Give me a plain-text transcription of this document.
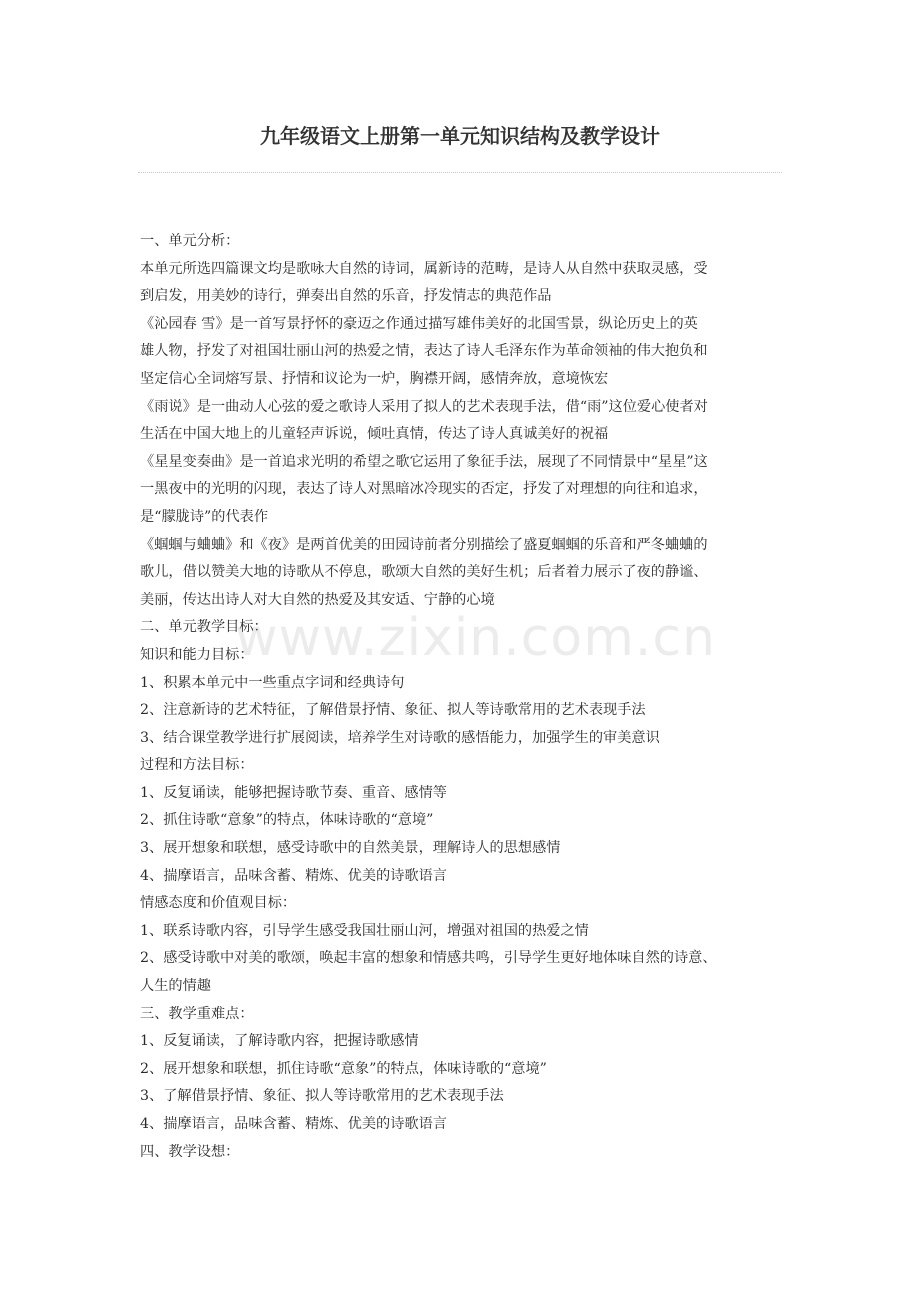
九年级语文上册第一单元知识结构及教学设计
一、单元分析：
本单元所选四篇课文均是歌咏大自然的诗词，属新诗的范畴，是诗人从自然中获取灵感，受
到启发，用美妙的诗行，弹奏出自然的乐音，抒发情志的典范作品
《沁园春 雪》是一首写景抒怀的豪迈之作通过描写雄伟美好的北国雪景，纵论历史上的英
雄人物，抒发了对祖国壮丽山河的热爱之情，表达了诗人毛泽东作为革命领袖的伟大抱负和
坚定信心全词熔写景、抒情和议论为一炉，胸襟开阔，感情奔放，意境恢宏
《雨说》是一曲动人心弦的爱之歌诗人采用了拟人的艺术表现手法，借“雨”这位爱心使者对
生活在中国大地上的儿童轻声诉说，倾吐真情，传达了诗人真诚美好的祝福
《星星变奏曲》是一首追求光明的希望之歌它运用了象征手法，展现了不同情景中“星星”这
一黑夜中的光明的闪现，表达了诗人对黑暗冰冷现实的否定，抒发了对理想的向往和追求，
是“朦胧诗”的代表作
《蝈蝈与蛐蛐》和《夜》是两首优美的田园诗前者分别描绘了盛夏蝈蝈的乐音和严冬蛐蛐的
歌儿，借以赞美大地的诗歌从不停息，歌颂大自然的美好生机；后者着力展示了夜的静谧、
美丽，传达出诗人对大自然的热爱及其安适、宁静的心境
二、单元教学目标：
知识和能力目标：
1、积累本单元中一些重点字词和经典诗句
2、注意新诗的艺术特征，了解借景抒情、象征、拟人等诗歌常用的艺术表现手法
3、结合课堂教学进行扩展阅读，培养学生对诗歌的感悟能力，加强学生的审美意识
过程和方法目标：
1、反复诵读，能够把握诗歌节奏、重音、感情等
2、抓住诗歌“意象”的特点，体味诗歌的“意境”
3、展开想象和联想，感受诗歌中的自然美景，理解诗人的思想感情
4、揣摩语言，品味含蓄、精炼、优美的诗歌语言
情感态度和价值观目标：
1、联系诗歌内容，引导学生感受我国壮丽山河，增强对祖国的热爱之情
2、感受诗歌中对美的歌颂，唤起丰富的想象和情感共鸣，引导学生更好地体味自然的诗意、
人生的情趣
三、教学重难点：
1、反复诵读，了解诗歌内容，把握诗歌感情
2、展开想象和联想，抓住诗歌“意象”的特点，体味诗歌的“意境”
3、了解借景抒情、象征、拟人等诗歌常用的艺术表现手法
4、揣摩语言，品味含蓄、精炼、优美的诗歌语言
四、教学设想：
www.zixin.com.cn
